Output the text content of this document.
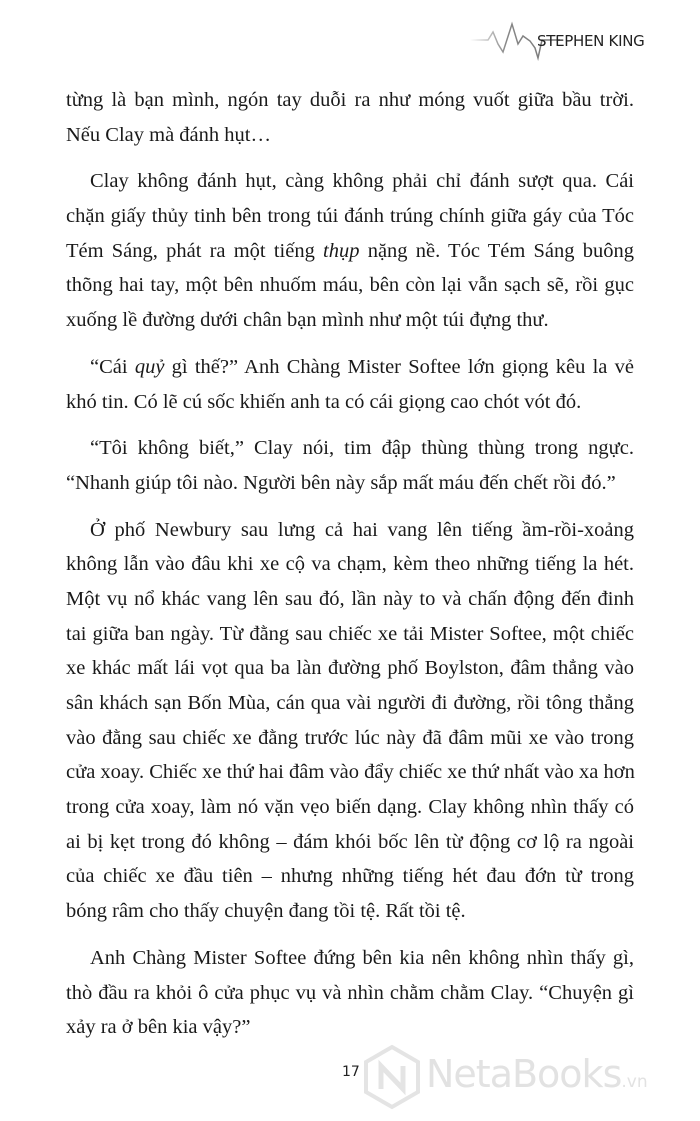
STEPHEN KING

từng là bạn mình, ngón tay duỗi ra như móng vuốt giữa bầu trời.
Nếu Clay mà đánh hụt…

Clay không đánh hụt, càng không phải chỉ đánh sượt qua. Cái
chặn giấy thủy tinh bên trong túi đánh trúng chính giữa gáy của Tóc
Tém Sáng, phát ra một tiếng thụp nặng nề. Tóc Tém Sáng buông
thõng hai tay, một bên nhuốm máu, bên còn lại vẫn sạch sẽ, rồi gục
xuống lề đường dưới chân bạn mình như một túi đựng thư.

“Cái quỷ gì thế?” Anh Chàng Mister Softee lớn giọng kêu la vẻ
khó tin. Có lẽ cú sốc khiến anh ta có cái giọng cao chót vót đó.

“Tôi không biết,” Clay nói, tim đập thùng thùng trong ngực.
“Nhanh giúp tôi nào. Người bên này sắp mất máu đến chết rồi đó.”

Ở phố Newbury sau lưng cả hai vang lên tiếng ầm-rồi-xoảng
không lẫn vào đâu khi xe cộ va chạm, kèm theo những tiếng la hét.
Một vụ nổ khác vang lên sau đó, lần này to và chấn động đến đinh
tai giữa ban ngày. Từ đằng sau chiếc xe tải Mister Softee, một chiếc
xe khác mất lái vọt qua ba làn đường phố Boylston, đâm thẳng vào
sân khách sạn Bốn Mùa, cán qua vài người đi đường, rồi tông thẳng
vào đằng sau chiếc xe đằng trước lúc này đã đâm mũi xe vào trong
cửa xoay. Chiếc xe thứ hai đâm vào đẩy chiếc xe thứ nhất vào xa hơn
trong cửa xoay, làm nó vặn vẹo biến dạng. Clay không nhìn thấy có
ai bị kẹt trong đó không – đám khói bốc lên từ động cơ lộ ra ngoài
của chiếc xe đầu tiên – nhưng những tiếng hét đau đớn từ trong
bóng râm cho thấy chuyện đang tồi tệ. Rất tồi tệ.

Anh Chàng Mister Softee đứng bên kia nên không nhìn thấy gì,
thò đầu ra khỏi ô cửa phục vụ và nhìn chằm chằm Clay. “Chuyện gì
xảy ra ở bên kia vậy?”

17 NetaBooks.vn
